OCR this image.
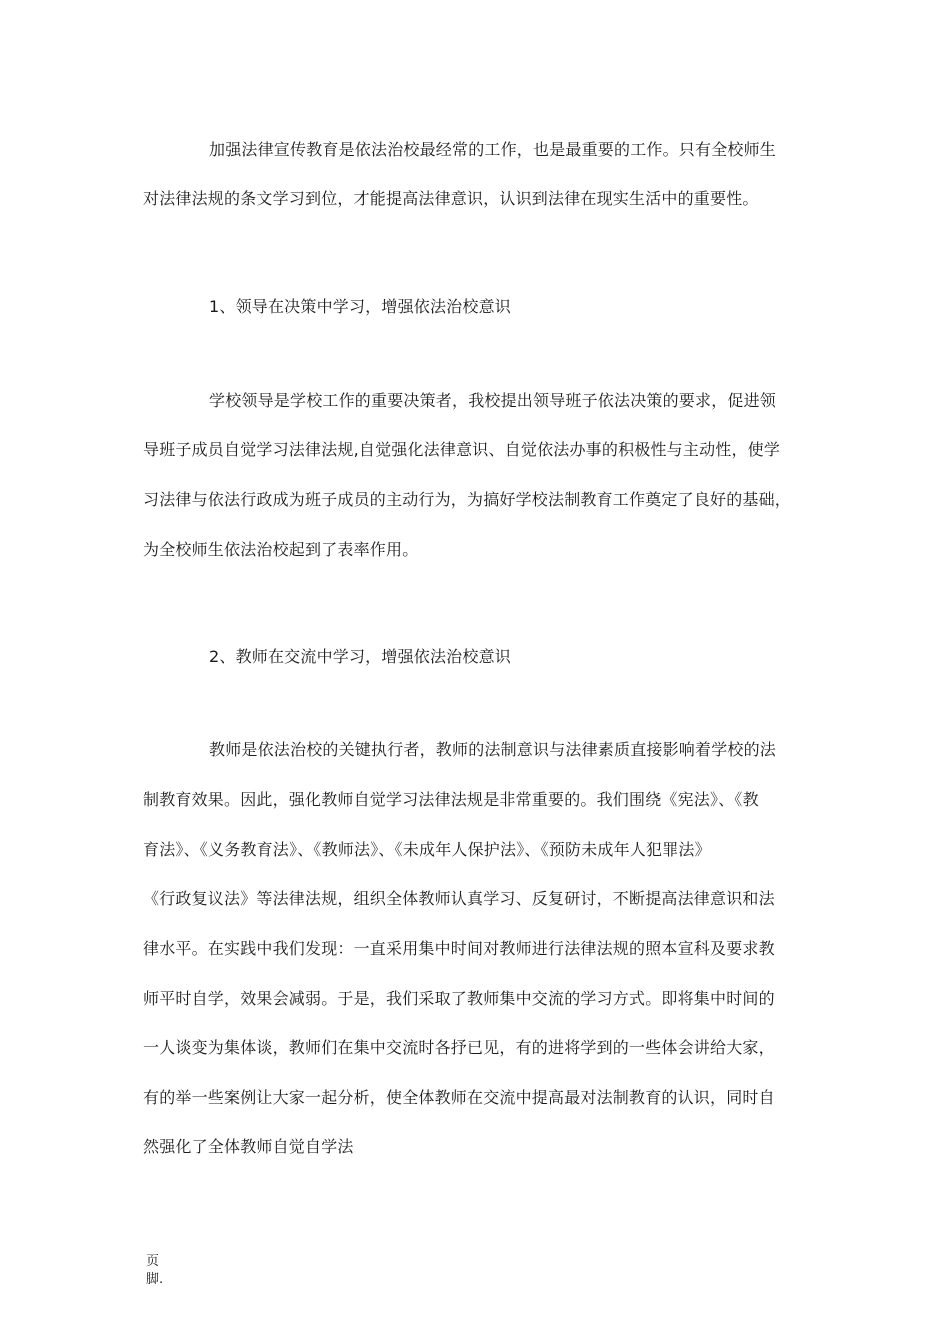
加强法律宣传教育是依法治校最经常的工作，也是最重要的工作。只有全校师生
对法律法规的条文学习到位，才能提高法律意识，认识到法律在现实生活中的重要性。
1、领导在决策中学习，增强依法治校意识
学校领导是学校工作的重要决策者，我校提出领导班子依法决策的要求，促进领
导班子成员自觉学习法律法规,自觉强化法律意识、自觉依法办事的积极性与主动性，使学
习法律与依法行政成为班子成员的主动行为，为搞好学校法制教育工作奠定了良好的基础，
为全校师生依法治校起到了表率作用。
2、教师在交流中学习，增强依法治校意识
教师是依法治校的关键执行者，教师的法制意识与法律素质直接影响着学校的法
制教育效果。因此，强化教师自觉学习法律法规是非常重要的。我们围绕《宪法》、《教
育法》、《义务教育法》、《教师法》、《未成年人保护法》、《预防未成年人犯罪法》
《行政复议法》等法律法规，组织全体教师认真学习、反复研讨，不断提高法律意识和法
律水平。在实践中我们发现：一直采用集中时间对教师进行法律法规的照本宣科及要求教
师平时自学，效果会减弱。于是，我们采取了教师集中交流的学习方式。即将集中时间的
一人谈变为集体谈，教师们在集中交流时各抒已见，有的进将学到的一些体会讲给大家，
有的举一些案例让大家一起分析，使全体教师在交流中提高最对法制教育的认识，同时自
然强化了全体教师自觉自学法
页
脚.
